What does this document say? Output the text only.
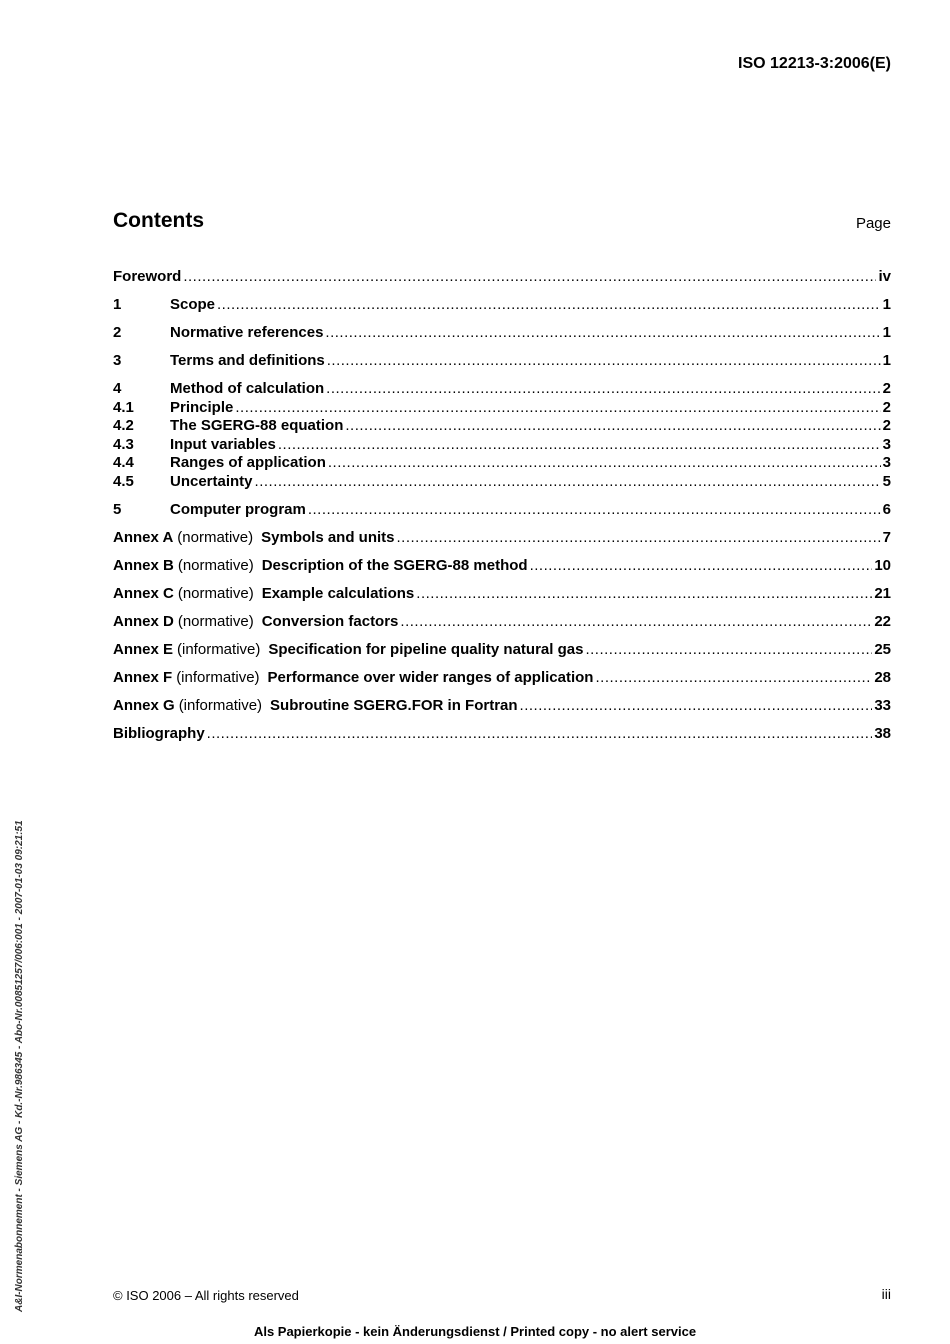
ISO 12213-3:2006(E)
Contents	Page
Foreword .....	iv
1	Scope .....	1
2	Normative references .....	1
3	Terms and definitions .....	1
4	Method of calculation .....	2
4.1	Principle .....	2
4.2	The SGERG-88 equation .....	2
4.3	Input variables .....	3
4.4	Ranges of application .....	3
4.5	Uncertainty .....	5
5	Computer program .....	6
Annex A (normative) Symbols and units .....	7
Annex B (normative) Description of the SGERG-88 method .....	10
Annex C (normative) Example calculations .....	21
Annex D (normative) Conversion factors .....	22
Annex E (informative) Specification for pipeline quality natural gas .....	25
Annex F (informative) Performance over wider ranges of application .....	28
Annex G (informative) Subroutine SGERG.FOR in Fortran .....	33
Bibliography .....	38
A&I-Normenabonnement - Siemens AG - Kd.-Nr.986345 - Abo-Nr.00851257/006:001 - 2007-01-03 09:21:51	© ISO 2006 – All rights reserved	iii
Als Papierkopie - kein Änderungsdienst / Printed copy - no alert service
